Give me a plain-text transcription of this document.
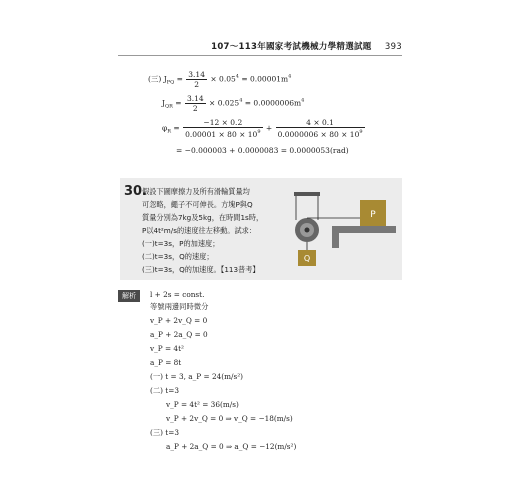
107～113年國家考試機械力學精選試題 393
(三) $J_{PQ} = \frac{3.14}{2} \times 0.05^4 = 0.00001m^4$
$J_{QR} = \frac{3.14}{2} \times 0.025^4 = 0.0000006m^4$
$\varphi_R = \frac{-12 \times 0.2}{0.00001 \times 80 \times 10^9} + \frac{4 \times 0.1}{0.0000006 \times 80 \times 10^9}$
= −0.000003 + 0.0000083 = 0.0000053(rad)
30.
假設下圖摩擦力及所有滑輪質量均
可忽略，繩子不可伸長。方塊P與Q
質量分別為7kg及5kg，在時間1s時，
P以4t²m/s的速度往左移動。試求：
(一)t=3s，P的加速度；
(二)t=3s，Q的速度；
(三)t=3s，Q的加速度。【113普考】
P
Q
解析	l + 2s = const.
等號兩邊同時微分
v_P + 2v_Q = 0
a_P + 2a_Q = 0
v_P = 4t²
a_P = 8t
(一) t = 3, a_P = 24(m/s²)
(二) t=3
v_P = 4t² = 36(m/s)
v_P + 2v_Q = 0 ⇒ v_Q = −18(m/s)
(三) t=3
a_P + 2a_Q = 0 ⇒ a_Q = −12(m/s²)
